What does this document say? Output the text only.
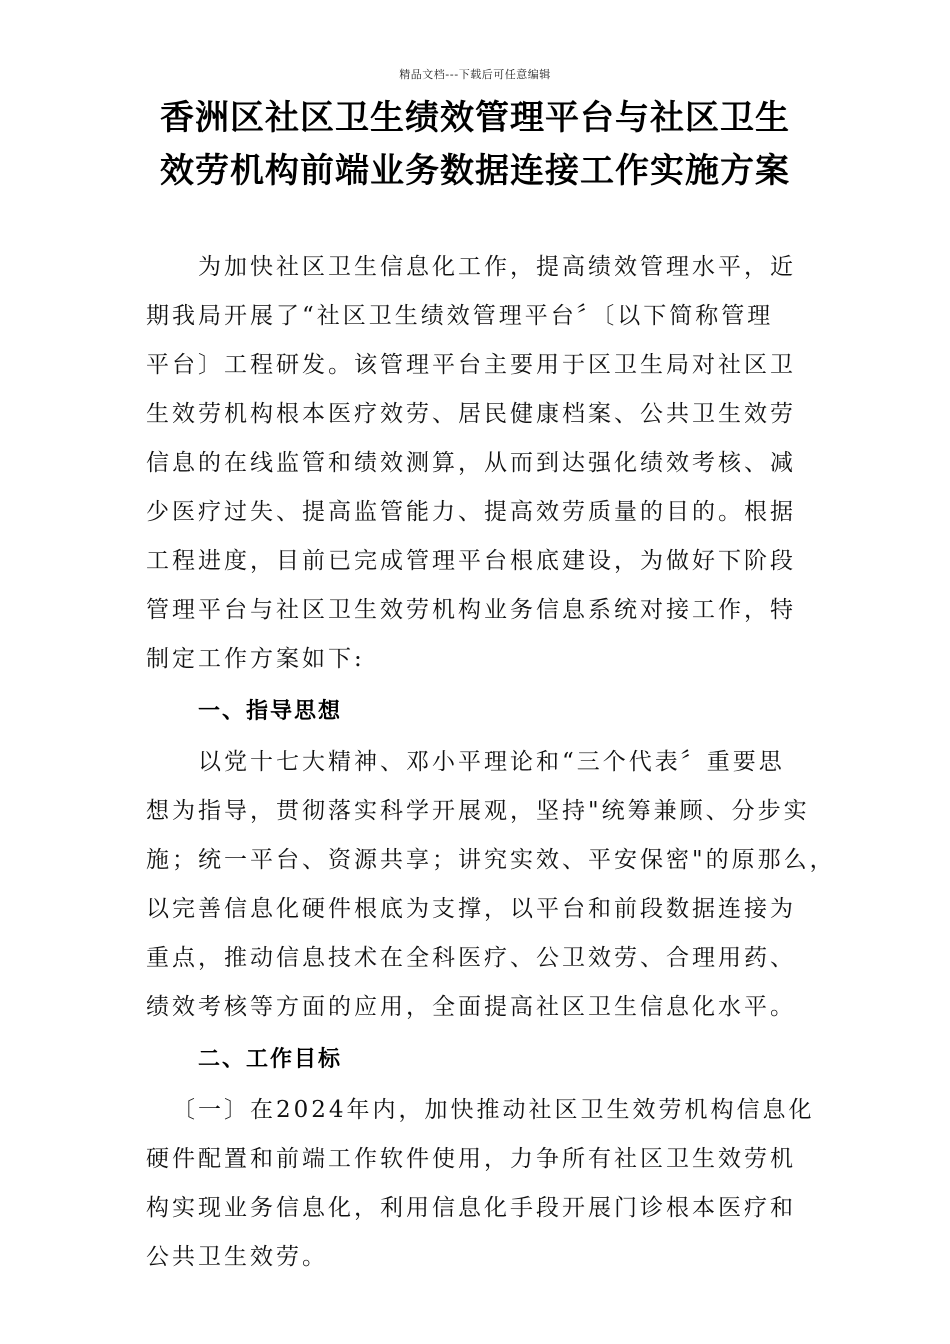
精品文档---下载后可任意编辑
香洲区社区卫生绩效管理平台与社区卫生
效劳机构前端业务数据连接工作实施方案
为加快社区卫生信息化工作，提高绩效管理水平，近
期我局开展了“社区卫生绩效管理平台〞〔以下简称管理
平台〕工程研发。该管理平台主要用于区卫生局对社区卫
生效劳机构根本医疗效劳、居民健康档案、公共卫生效劳
信息的在线监管和绩效测算，从而到达强化绩效考核、减
少医疗过失、提高监管能力、提高效劳质量的目的。根据
工程进度，目前已完成管理平台根底建设，为做好下阶段
管理平台与社区卫生效劳机构业务信息系统对接工作，特
制定工作方案如下:
一、指导思想
以党十七大精神、邓小平理论和“三个代表〞重要思
想为指导，贯彻落实科学开展观，坚持"统筹兼顾、分步实
施；统一平台、资源共享；讲究实效、平安保密"的原那么，
以完善信息化硬件根底为支撑，以平台和前段数据连接为
重点，推动信息技术在全科医疗、公卫效劳、合理用药、
绩效考核等方面的应用，全面提高社区卫生信息化水平。
二、工作目标
〔一〕在2024年内，加快推动社区卫生效劳机构信息化
硬件配置和前端工作软件使用，力争所有社区卫生效劳机
构实现业务信息化，利用信息化手段开展门诊根本医疗和
公共卫生效劳。
